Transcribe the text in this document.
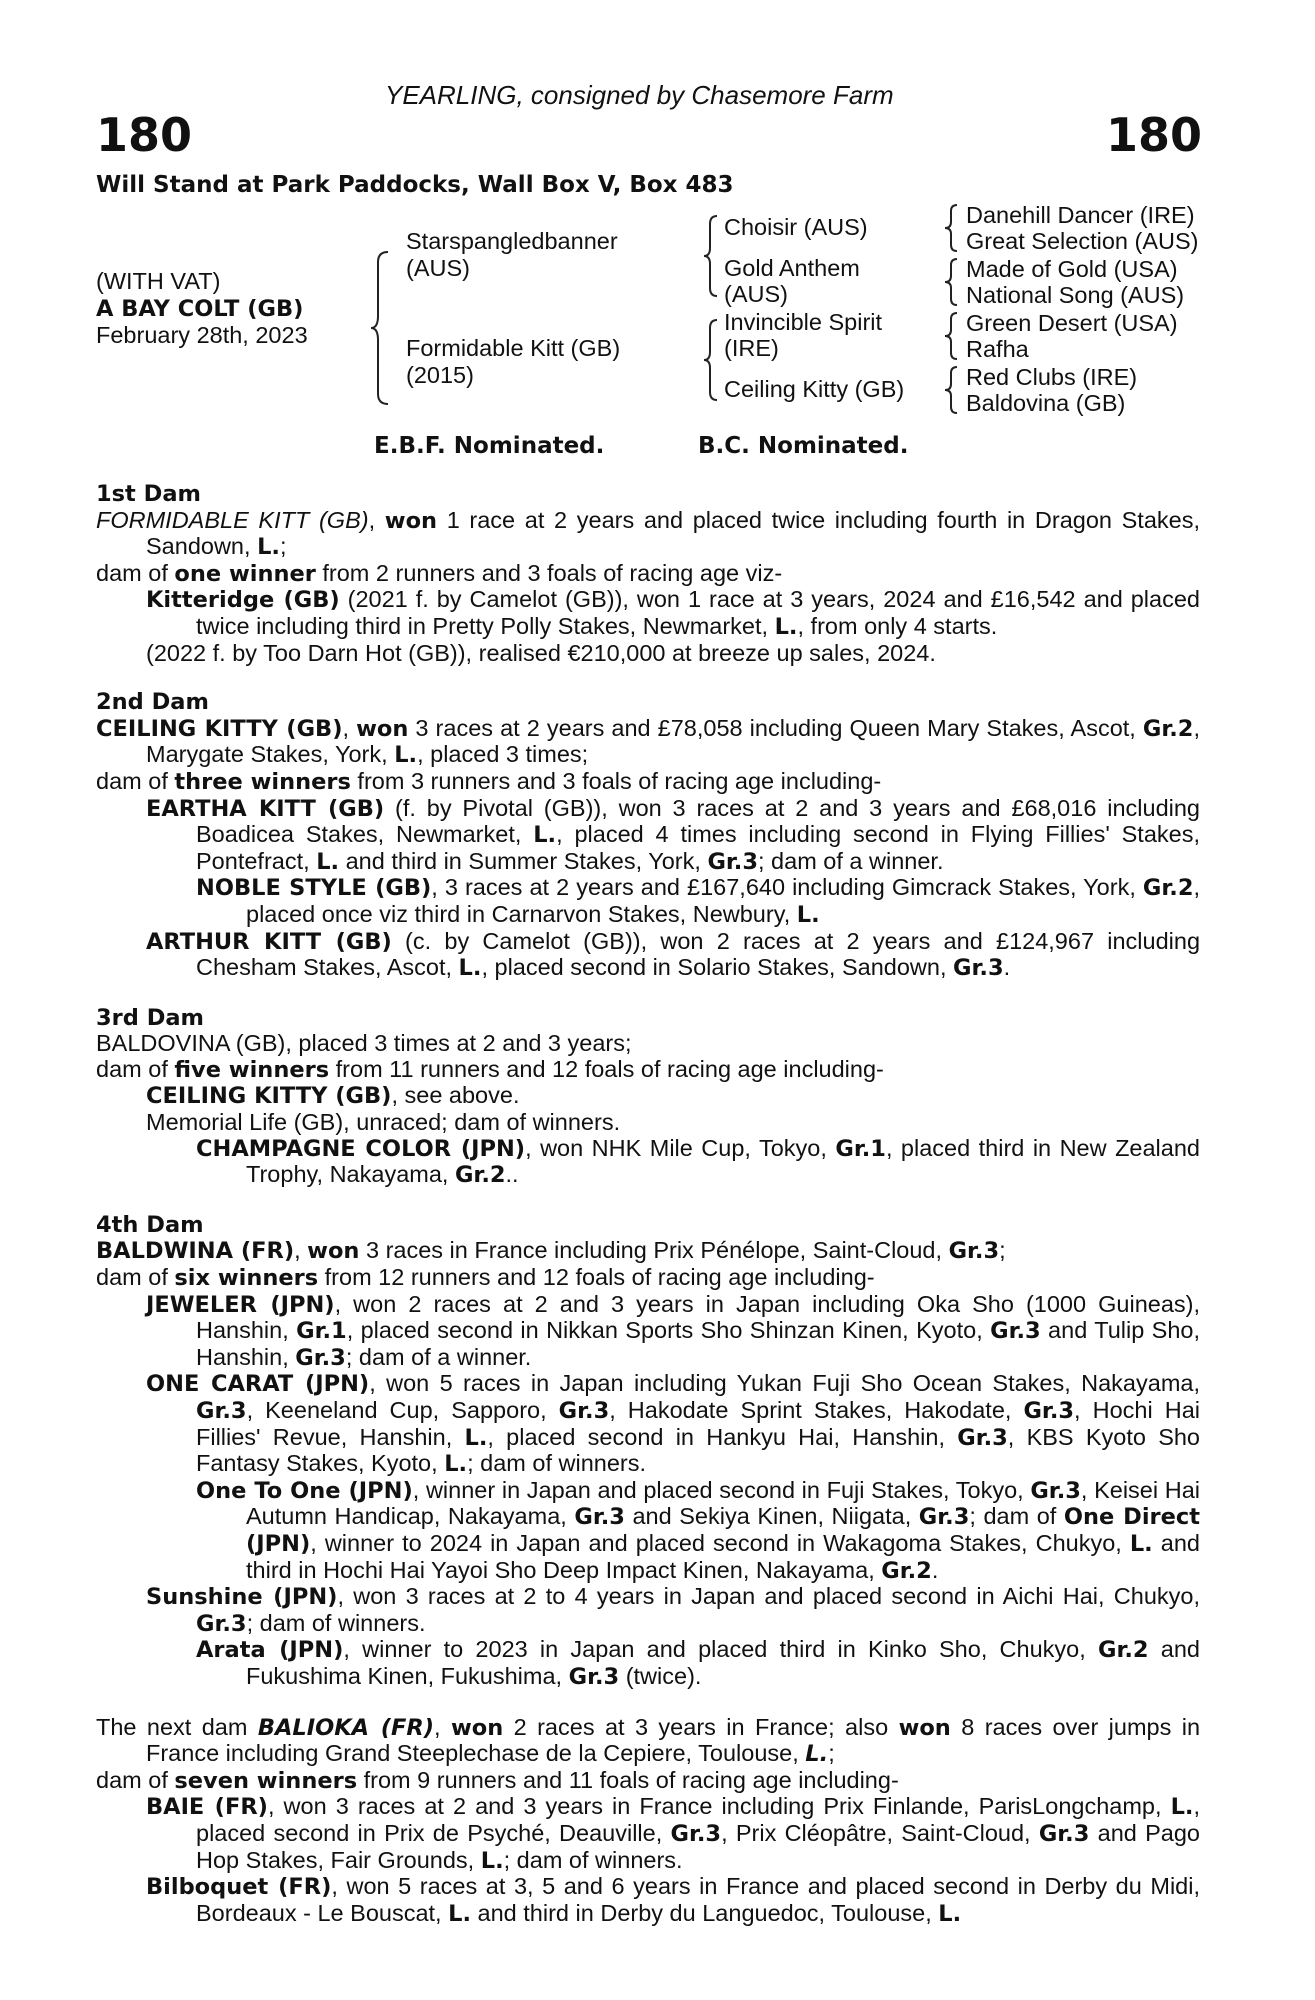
YEARLING, consigned by Chasemore Farm
180	180
Will Stand at Park Paddocks, Wall Box V, Box 483
(WITH VAT)
A BAY COLT (GB)
February 28th, 2023
Starspangledbanner
(AUS)
Formidable Kitt (GB)
(2015)
Choisir (AUS)
Gold Anthem
(AUS)
Invincible Spirit
(IRE)
Ceiling Kitty (GB)
Danehill Dancer (IRE)
Great Selection (AUS)
Made of Gold (USA)
National Song (AUS)
Green Desert (USA)
Rafha
Red Clubs (IRE)
Baldovina (GB)
E.B.F. Nominated.	B.C. Nominated.
1st Dam
FORMIDABLE KITT (GB), won 1 race at 2 years and placed twice including fourth in Dragon Stakes, Sandown, L.;
dam of one winner from 2 runners and 3 foals of racing age viz-
Kitteridge (GB) (2021 f. by Camelot (GB)), won 1 race at 3 years, 2024 and £16,542 and placed twice including third in Pretty Polly Stakes, Newmarket, L., from only 4 starts.
(2022 f. by Too Darn Hot (GB)), realised €210,000 at breeze up sales, 2024.
2nd Dam
CEILING KITTY (GB), won 3 races at 2 years and £78,058 including Queen Mary Stakes, Ascot, Gr.2, Marygate Stakes, York, L., placed 3 times;
dam of three winners from 3 runners and 3 foals of racing age including-
EARTHA KITT (GB) (f. by Pivotal (GB)), won 3 races at 2 and 3 years and £68,016 including Boadicea Stakes, Newmarket, L., placed 4 times including second in Flying Fillies' Stakes, Pontefract, L. and third in Summer Stakes, York, Gr.3; dam of a winner.
NOBLE STYLE (GB), 3 races at 2 years and £167,640 including Gimcrack Stakes, York, Gr.2, placed once viz third in Carnarvon Stakes, Newbury, L.
ARTHUR KITT (GB) (c. by Camelot (GB)), won 2 races at 2 years and £124,967 including Chesham Stakes, Ascot, L., placed second in Solario Stakes, Sandown, Gr.3.
3rd Dam
BALDOVINA (GB), placed 3 times at 2 and 3 years;
dam of five winners from 11 runners and 12 foals of racing age including-
CEILING KITTY (GB), see above.
Memorial Life (GB), unraced; dam of winners.
CHAMPAGNE COLOR (JPN), won NHK Mile Cup, Tokyo, Gr.1, placed third in New Zealand Trophy, Nakayama, Gr.2..
4th Dam
BALDWINA (FR), won 3 races in France including Prix Pénélope, Saint-Cloud, Gr.3;
dam of six winners from 12 runners and 12 foals of racing age including-
JEWELER (JPN), won 2 races at 2 and 3 years in Japan including Oka Sho (1000 Guineas), Hanshin, Gr.1, placed second in Nikkan Sports Sho Shinzan Kinen, Kyoto, Gr.3 and Tulip Sho, Hanshin, Gr.3; dam of a winner.
ONE CARAT (JPN), won 5 races in Japan including Yukan Fuji Sho Ocean Stakes, Nakayama, Gr.3, Keeneland Cup, Sapporo, Gr.3, Hakodate Sprint Stakes, Hakodate, Gr.3, Hochi Hai Fillies' Revue, Hanshin, L., placed second in Hankyu Hai, Hanshin, Gr.3, KBS Kyoto Sho Fantasy Stakes, Kyoto, L.; dam of winners.
One To One (JPN), winner in Japan and placed second in Fuji Stakes, Tokyo, Gr.3, Keisei Hai Autumn Handicap, Nakayama, Gr.3 and Sekiya Kinen, Niigata, Gr.3; dam of One Direct (JPN), winner to 2024 in Japan and placed second in Wakagoma Stakes, Chukyo, L. and third in Hochi Hai Yayoi Sho Deep Impact Kinen, Nakayama, Gr.2.
Sunshine (JPN), won 3 races at 2 to 4 years in Japan and placed second in Aichi Hai, Chukyo, Gr.3; dam of winners.
Arata (JPN), winner to 2023 in Japan and placed third in Kinko Sho, Chukyo, Gr.2 and Fukushima Kinen, Fukushima, Gr.3 (twice).
The next dam BALIOKA (FR), won 2 races at 3 years in France; also won 8 races over jumps in France including Grand Steeplechase de la Cepiere, Toulouse, L.;
dam of seven winners from 9 runners and 11 foals of racing age including-
BAIE (FR), won 3 races at 2 and 3 years in France including Prix Finlande, ParisLongchamp, L., placed second in Prix de Psyché, Deauville, Gr.3, Prix Cléopâtre, Saint-Cloud, Gr.3 and Pago Hop Stakes, Fair Grounds, L.; dam of winners.
Bilboquet (FR), won 5 races at 3, 5 and 6 years in France and placed second in Derby du Midi, Bordeaux - Le Bouscat, L. and third in Derby du Languedoc, Toulouse, L.
